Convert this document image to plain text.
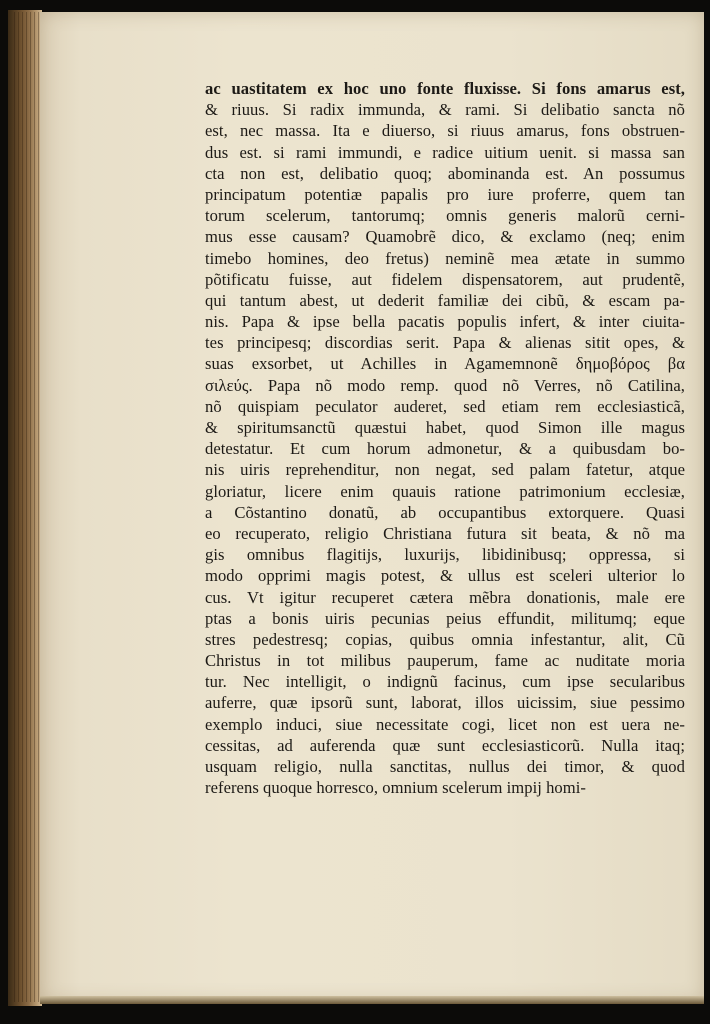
ac uastitatem ex hoc uno fonte fluxisse. Si fons amarus est,
& riuus. Si radix immunda, & rami. Si delibatio sancta nõ
est, nec massa. Ita e diuerso, si riuus amarus, fons obstruen-
dus est. si rami immundi, e radice uitium uenit. si massa san
cta non est, delibatio quoq; abominanda est. An possumus
principatum potentiæ papalis pro iure proferre, quem tan
torum scelerum, tantorumq; omnis generis malorũ cerni-
mus esse causam? Quamobrẽ dico, & exclamo (neq; enim
timebo homines, deo fretus) neminẽ mea ætate in summo
põtificatu fuisse, aut fidelem dispensatorem, aut prudentẽ,
qui tantum abest, ut dederit familiæ dei cibũ, & escam pa-
nis. Papa & ipse bella pacatis populis infert, & inter ciuita-
tes principesq; discordias serit. Papa & alienas sitit opes, &
suas exsorbet, ut Achilles in Agamemnonẽ δημοβόρος βα
σιλεύς. Papa nõ modo remp. quod nõ Verres, nõ Catilina,
nõ quispiam peculator auderet, sed etiam rem ecclesiasticã,
& spiritumsanctũ quæstui habet, quod Simon ille magus
detestatur. Et cum horum admonetur, & a quibusdam bo-
nis uiris reprehenditur, non negat, sed palam fatetur, atque
gloriatur, licere enim quauis ratione patrimonium ecclesiæ,
a Cõstantino donatũ, ab occupantibus extorquere. Quasi
eo recuperato, religio Christiana futura sit beata, & nõ ma
gis omnibus flagitijs, luxurijs, libidinibusq; oppressa, si
modo opprimi magis potest, & ullus est sceleri ulterior lo
cus. Vt igitur recuperet cætera mẽbra donationis, male ere
ptas a bonis uiris pecunias peius effundit, militumq; eque
stres pedestresq; copias, quibus omnia infestantur, alit, Cũ
Christus in tot milibus pauperum, fame ac nuditate moria
tur. Nec intelligit, o indignũ facinus, cum ipse secularibus
auferre, quæ ipsorũ sunt, laborat, illos uicissim, siue pessimo
exemplo induci, siue necessitate cogi, licet non est uera ne-
cessitas, ad auferenda quæ sunt ecclesiasticorũ. Nulla itaq;
usquam religio, nulla sanctitas, nullus dei timor, & quod
referens quoque horresco, omnium scelerum impij homi-
